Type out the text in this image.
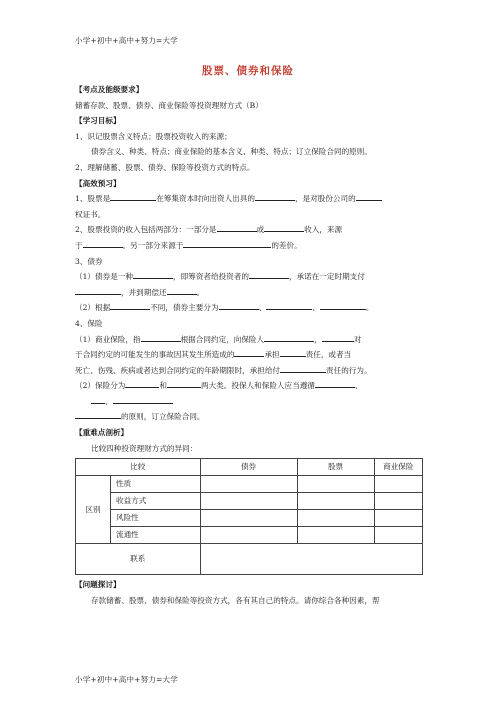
小学+初中+高中+努力=大学
股票、债券和保险
【考点及能级要求】
储蓄存款、股票、债券、商业保险等投资理财方式（B）
【学习目标】
1、识记股票含义特点；股票投资收入的来源；
债券含义、种类、特点；商业保险的基本含义、种类、特点；订立保险合同的原则。
2、理解储蓄、股票、债券、保险等投资方式的特点。
【高效预习】
1、股票是	在筹集资本时向出资人出具的	，是对股份公司的
权证书。
2、股票投资的收入包括两部分：一部分是	或	收入，来源
于	。另一部分来源于	的差价。
3、债券
（1）债券是一种	，即筹资者给投资者的	，承诺在一定时期支付
，并到期偿还	。
（2）根据	不同，债券主要分为	、	、	。
4、保险
（1）商业保险，指	根据合同约定，向保险人	，	对
于合同约定的可能发生的事故因其发生所造成的	承担	责任，或者当
死亡、伤残、疾病或者达到合同约定的年龄期限时，承担给付	责任的行为。
（2）保险分为	和	两大类。投保人和保险人应当遵循	、
、
的原则，订立保险合同。
【重难点剖析】
比较四种投资理财方式的异同：
比较		债券	股票	商业保险
区别	性质			
	收益方式			
	风险性			
	流通性			
联系				
【问题探讨】
存款储蓄、股票、债券和保险等投资方式，各有其自己的特点。请你综合各种因素，帮
小学+初中+高中+努力=大学
